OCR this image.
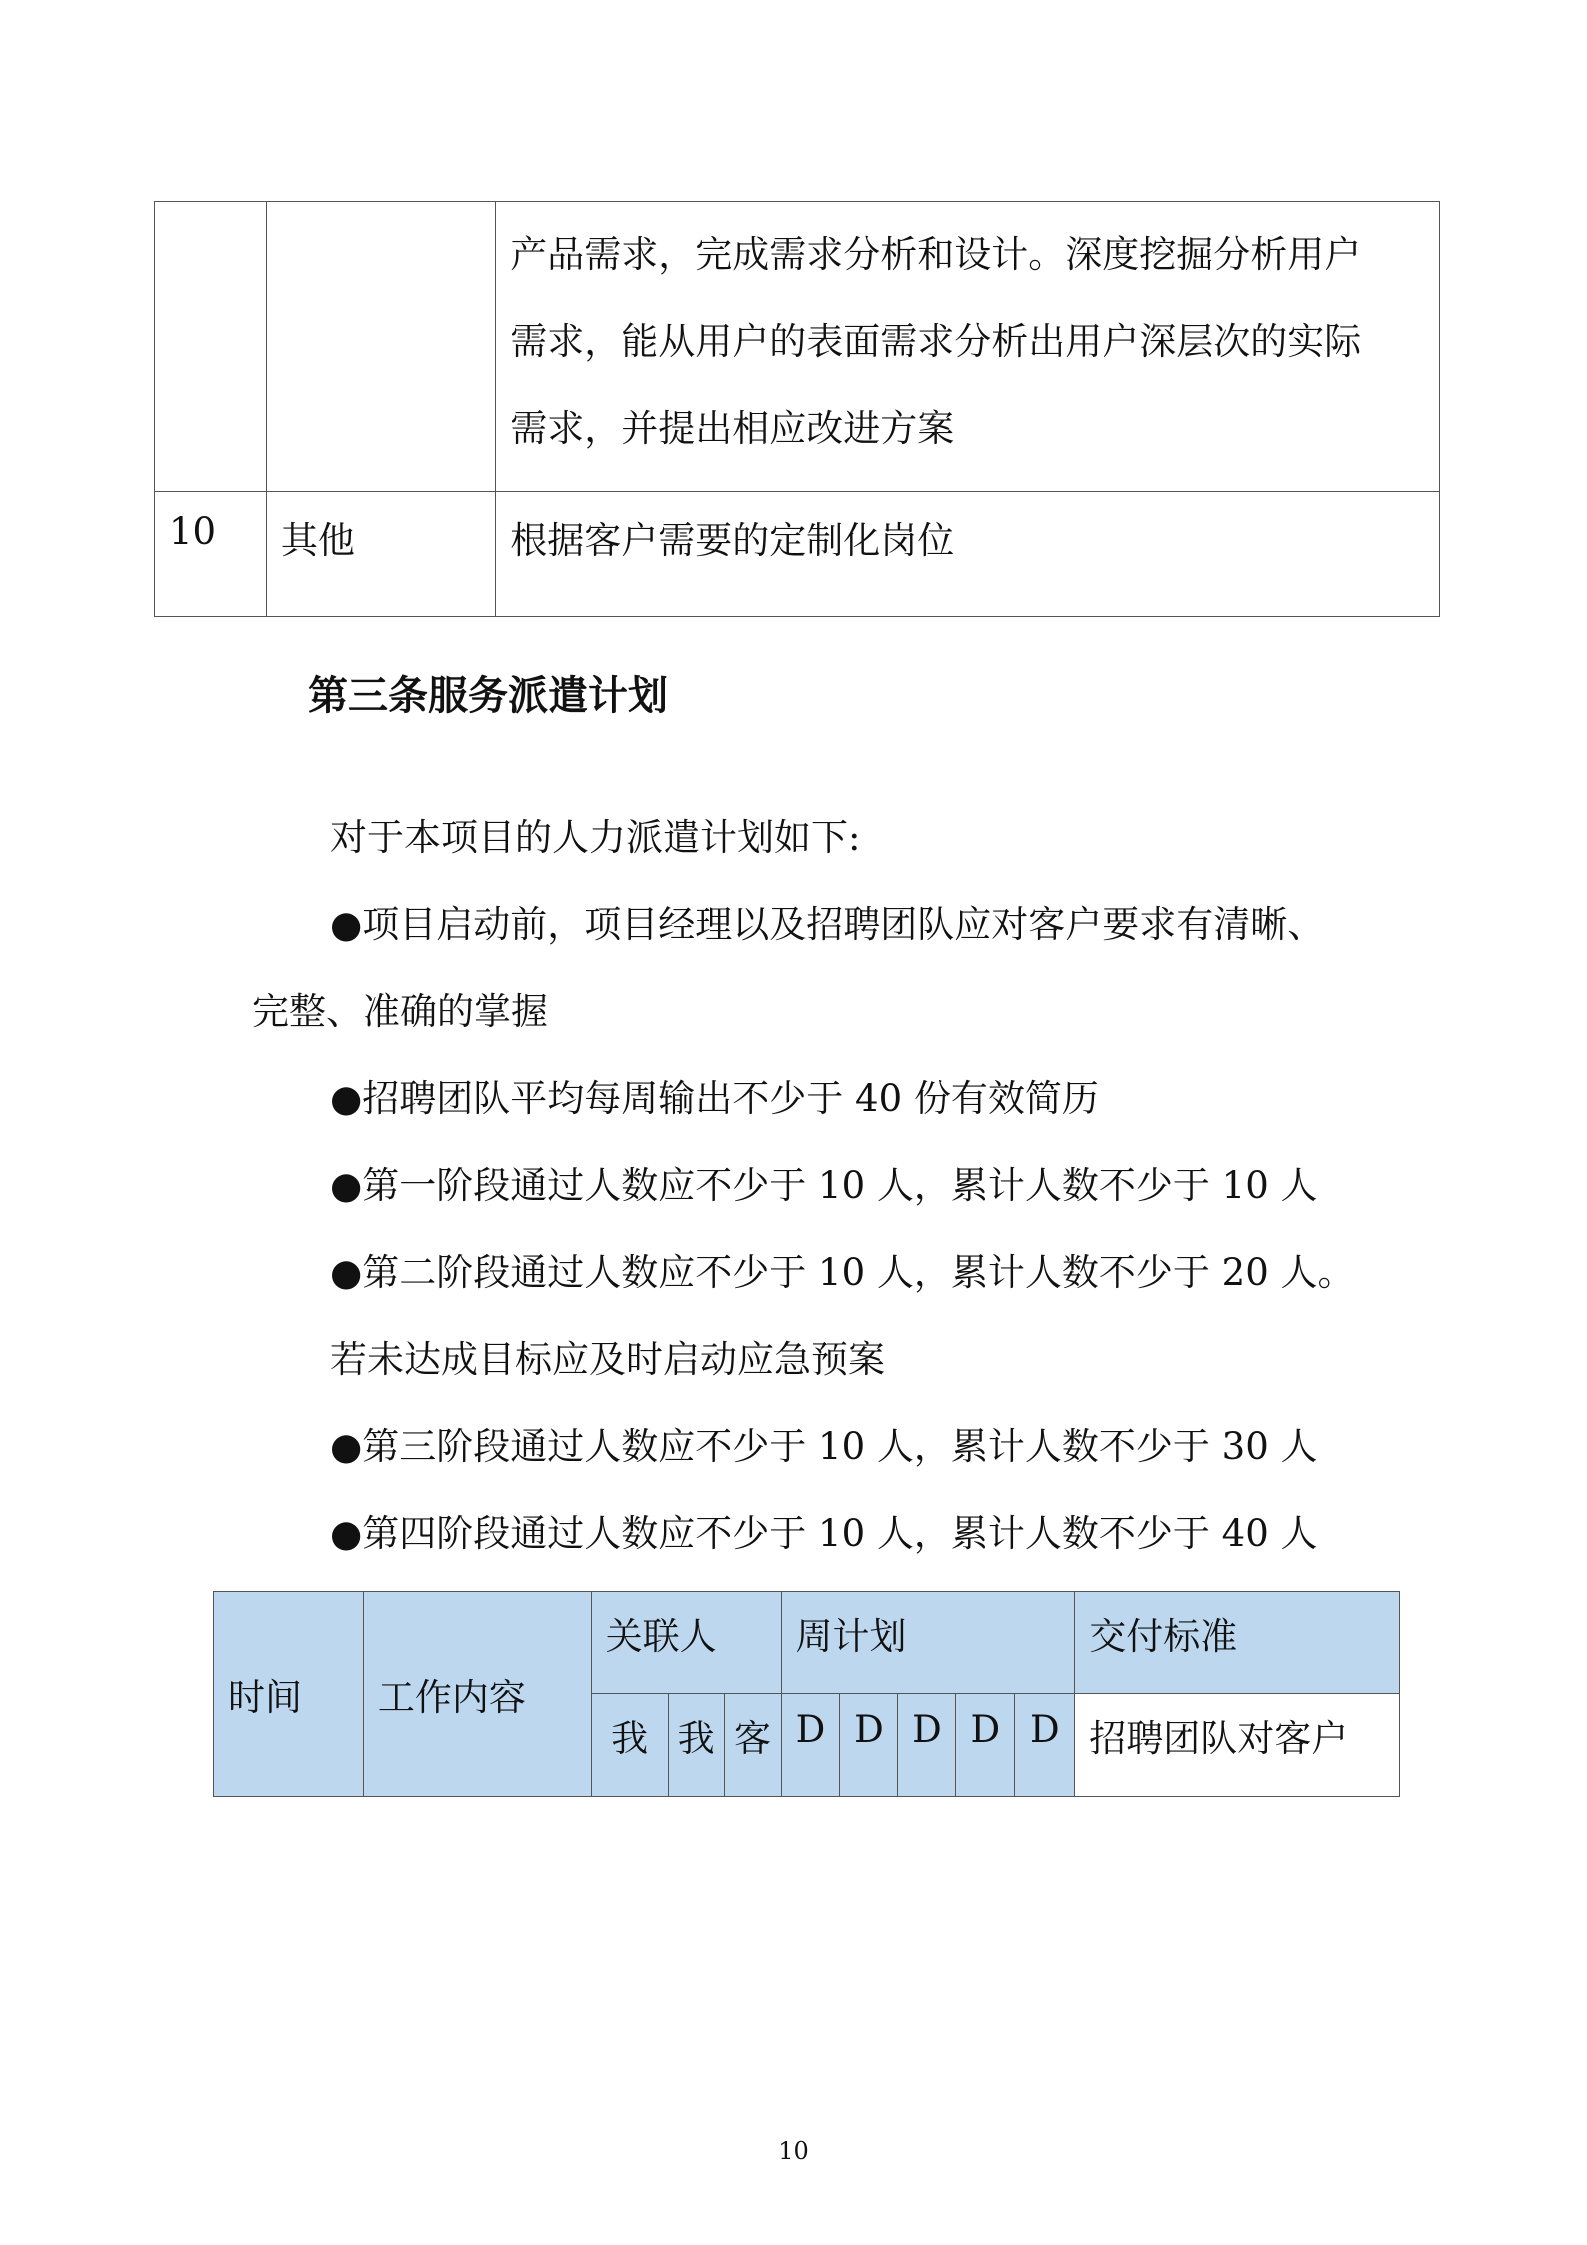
		产品需求，完成需求分析和设计。深度挖掘分析用户
需求，能从用户的表面需求分析出用户深层次的实际
需求，并提出相应改进方案

10	其他	根据客户需要的定制化岗位
第三条服务派遣计划

对于本项目的人力派遣计划如下:

●项目启动前，项目经理以及招聘团队应对客户要求有清晰、

完整、准确的掌握

●招聘团队平均每周输出不少于 40 份有效简历

●第一阶段通过人数应不少于 10 人，累计人数不少于 10 人

●第二阶段通过人数应不少于 10 人，累计人数不少于 20 人。

若未达成目标应及时启动应急预案

●第三阶段通过人数应不少于 10 人，累计人数不少于 30 人

●第四阶段通过人数应不少于 10 人，累计人数不少于 40 人

时间	工作内容	关联人			周计划					交付标准
		我	我	客	D	D	D	D	D	招聘团队对客户

10
